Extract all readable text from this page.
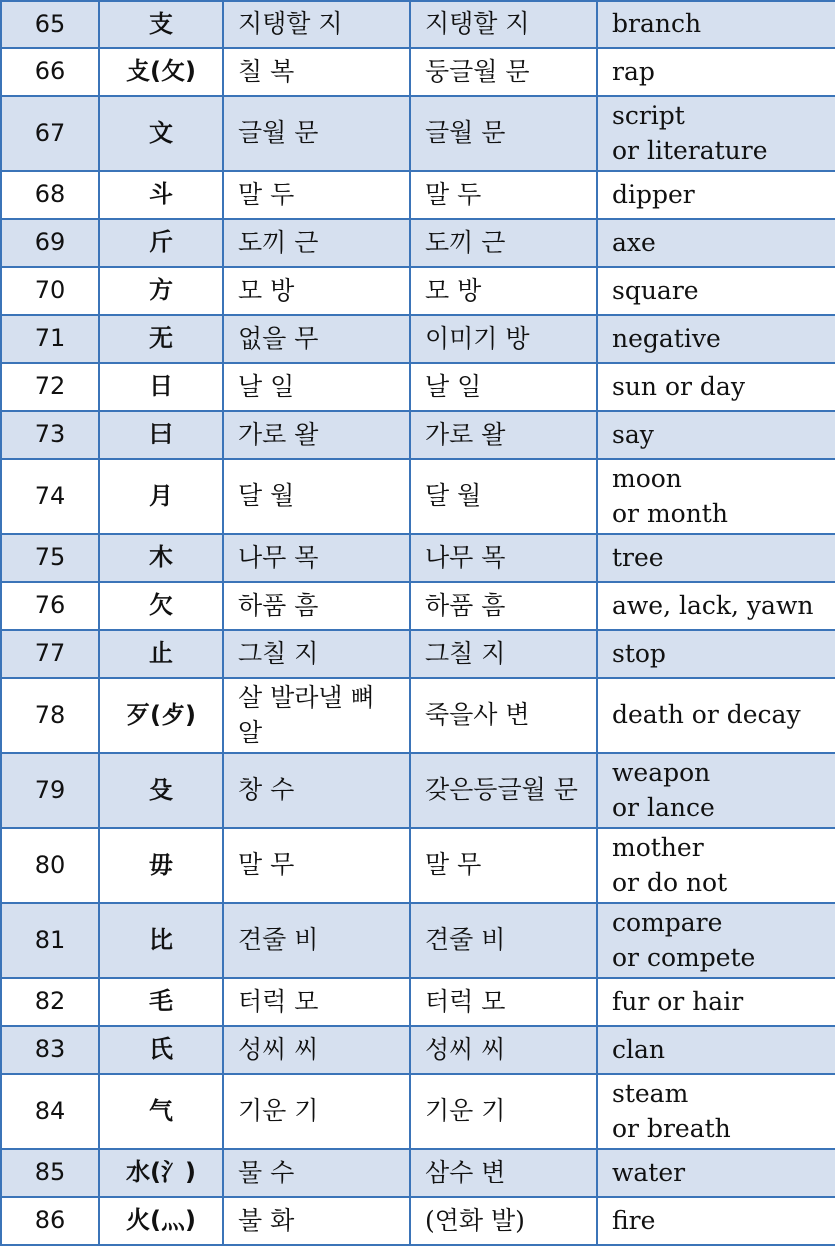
65	支	지탱할 지	지탱할 지	branch

66	攴(攵)	칠 복	둥글월 문	rap

67	文	글월 문	글월 문	script
or literature

68	斗	말 두	말 두	dipper

69	斤	도끼 근	도끼 근	axe

70	方	모 방	모 방	square

71	无	없을 무	이미기 방	negative

72	日	날 일	날 일	sun or day

73	曰	가로 왈	가로 왈	say

74	月	달 월	달 월	moon
or month

75	木	나무 목	나무 목	tree

76	欠	하품 흠	하품 흠	awe, lack, yawn

77	止	그칠 지	그칠 지	stop

78	歹(歺)	살 발라낼 뼈 알	죽을사 변	death or decay

79	殳	창 수	갖은등글월 문	weapon
or lance

80	毋	말 무	말 무	mother
or do not

81	比	견줄 비	견줄 비	compare
or compete

82	毛	터럭 모	터럭 모	fur or hair

83	氏	성씨 씨	성씨 씨	clan

84	气	기운 기	기운 기	steam
or breath

85	水(氵)	물 수	삼수 변	water

86	火(灬)	불 화	(연화 발)	fire
